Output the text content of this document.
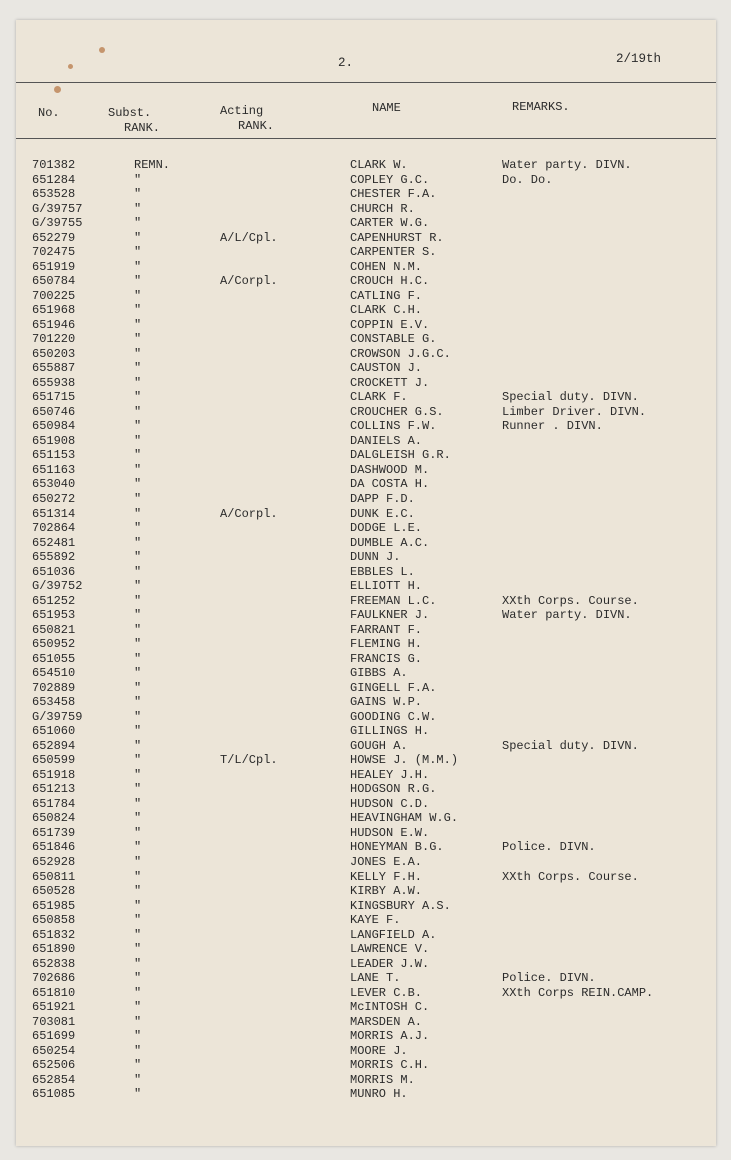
2.	2/19th
No.	Subst.
RANK.
Acting
RANK.
NAME	REMARKS.
701382	REMN.	CLARK W.	Water party. DIVN.
651284	"	COPLEY G.C.	Do. Do.
653528	"	CHESTER F.A.
G/39757	"	CHURCH R.
G/39755	"	CARTER W.G.
652279	"	A/L/Cpl.	CAPENHURST R.
702475	"	CARPENTER S.
651919	"	COHEN N.M.
650784	"	A/Corpl.	CROUCH H.C.
700225	"	CATLING F.
651968	"	CLARK C.H.
651946	"	COPPIN E.V.
701220	"	CONSTABLE G.
650203	"	CROWSON J.G.C.
655887	"	CAUSTON J.
655938	"	CROCKETT J.
651715	"	CLARK F.	Special duty. DIVN.
650746	"	CROUCHER G.S.	Limber Driver. DIVN.
650984	"	COLLINS F.W.	Runner . DIVN.
651908	"	DANIELS A.
651153	"	DALGLEISH G.R.
651163	"	DASHWOOD M.
653040	"	DA COSTA H.
650272	"	DAPP F.D.
651314	"	A/Corpl.	DUNK E.C.
702864	"	DODGE L.E.
652481	"	DUMBLE A.C.
655892	"	DUNN J.
651036	"	EBBLES L.
G/39752	"	ELLIOTT H.
651252	"	FREEMAN L.C.	XXth Corps. Course.
651953	"	FAULKNER J.	Water party. DIVN.
650821	"	FARRANT F.
650952	"	FLEMING H.
651055	"	FRANCIS G.
654510	"	GIBBS A.
702889	"	GINGELL F.A.
653458	"	GAINS W.P.
G/39759	"	GOODING C.W.
651060	"	GILLINGS H.
652894	"	GOUGH A.	Special duty. DIVN.
650599	"	T/L/Cpl.	HOWSE J. (M.M.)
651918	"	HEALEY J.H.
651213	"	HODGSON R.G.
651784	"	HUDSON C.D.
650824	"	HEAVINGHAM W.G.
651739	"	HUDSON E.W.
651846	"	HONEYMAN B.G.	Police. DIVN.
652928	"	JONES E.A.
650811	"	KELLY F.H.	XXth Corps. Course.
650528	"	KIRBY A.W.
651985	"	KINGSBURY A.S.
650858	"	KAYE F.
651832	"	LANGFIELD A.
651890	"	LAWRENCE V.
652838	"	LEADER J.W.
702686	"	LANE T.	Police. DIVN.
651810	"	LEVER C.B.	XXth Corps REIN.CAMP.
651921	"	McINTOSH C.
703081	"	MARSDEN A.
651699	"	MORRIS A.J.
650254	"	MOORE J.
652506	"	MORRIS C.H.
652854	"	MORRIS M.
651085	"	MUNRO H.
